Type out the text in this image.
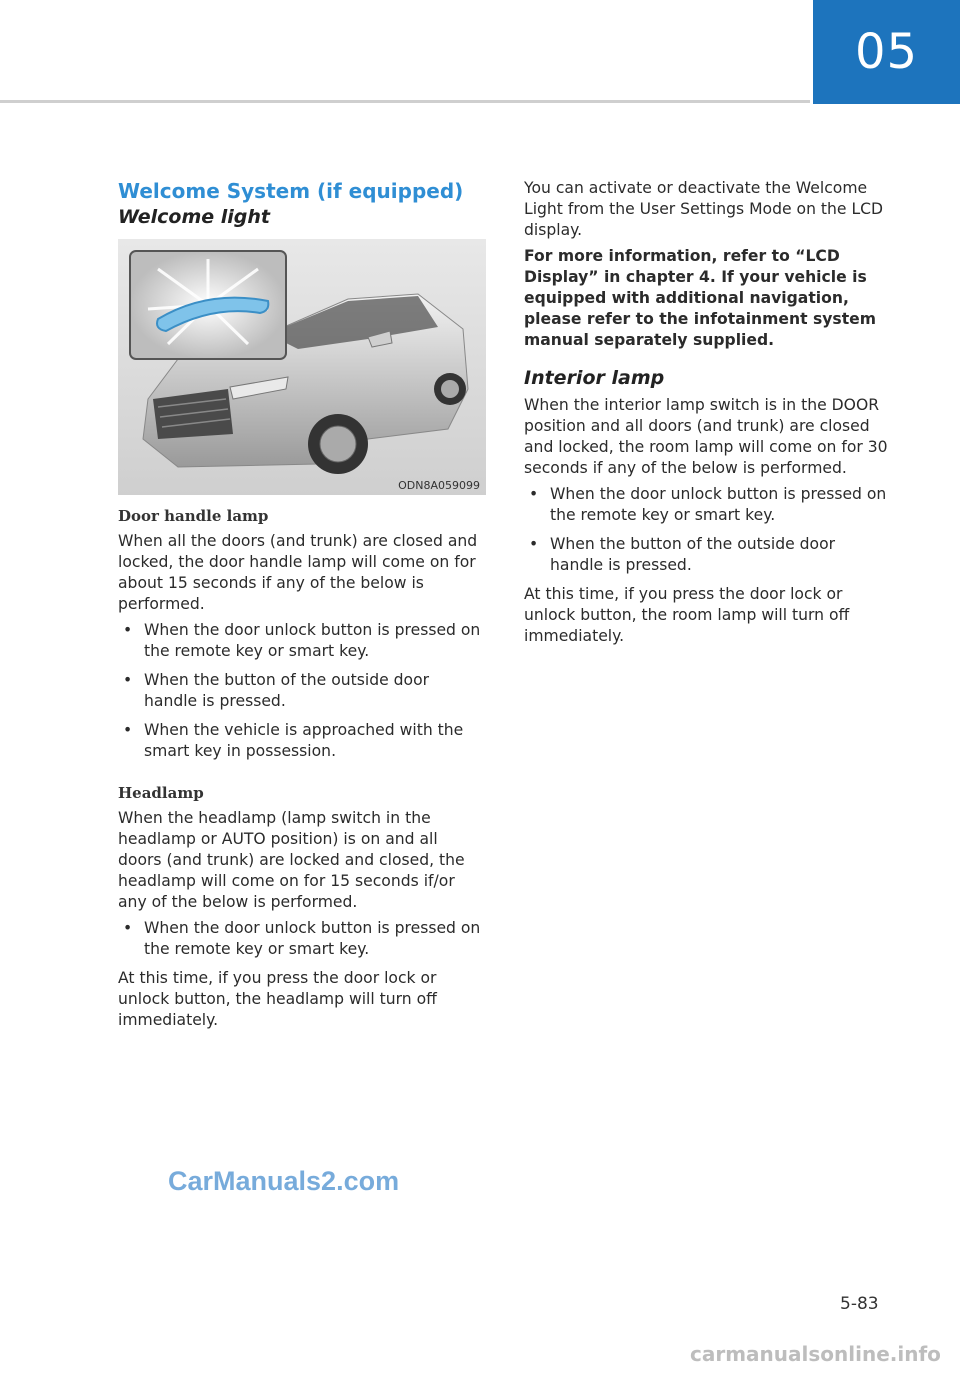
05
Welcome System (if equipped)
Welcome light
ODN8A059099
Door handle lamp

When all the doors (and trunk) are closed and locked, the door handle lamp will come on for about 15 seconds if any of the below is performed.

• When the door unlock button is pressed on the remote key or smart key.
• When the button of the outside door handle is pressed.
• When the vehicle is approached with the smart key in possession.
Headlamp

When the headlamp (lamp switch in the headlamp or AUTO position) is on and all doors (and trunk) are locked and closed, the headlamp will come on for 15 seconds if/or any of the below is performed.

• When the door unlock button is pressed on the remote key or smart key.

At this time, if you press the door lock or unlock button, the headlamp will turn off immediately.

You can activate or deactivate the Welcome Light from the User Settings Mode on the LCD display.

For more information, refer to “LCD Display” in chapter 4. If your vehicle is equipped with additional navigation, please refer to the infotainment system manual separately supplied.

Interior lamp

When the interior lamp switch is in the DOOR position and all doors (and trunk) are closed and locked, the room lamp will come on for 30 seconds if any of the below is performed.

• When the door unlock button is pressed on the remote key or smart key.
• When the button of the outside door handle is pressed.

At this time, if you press the door lock or unlock button, the room lamp will turn off immediately.

CarManuals2.com
5-83
carmanualsonline.info
